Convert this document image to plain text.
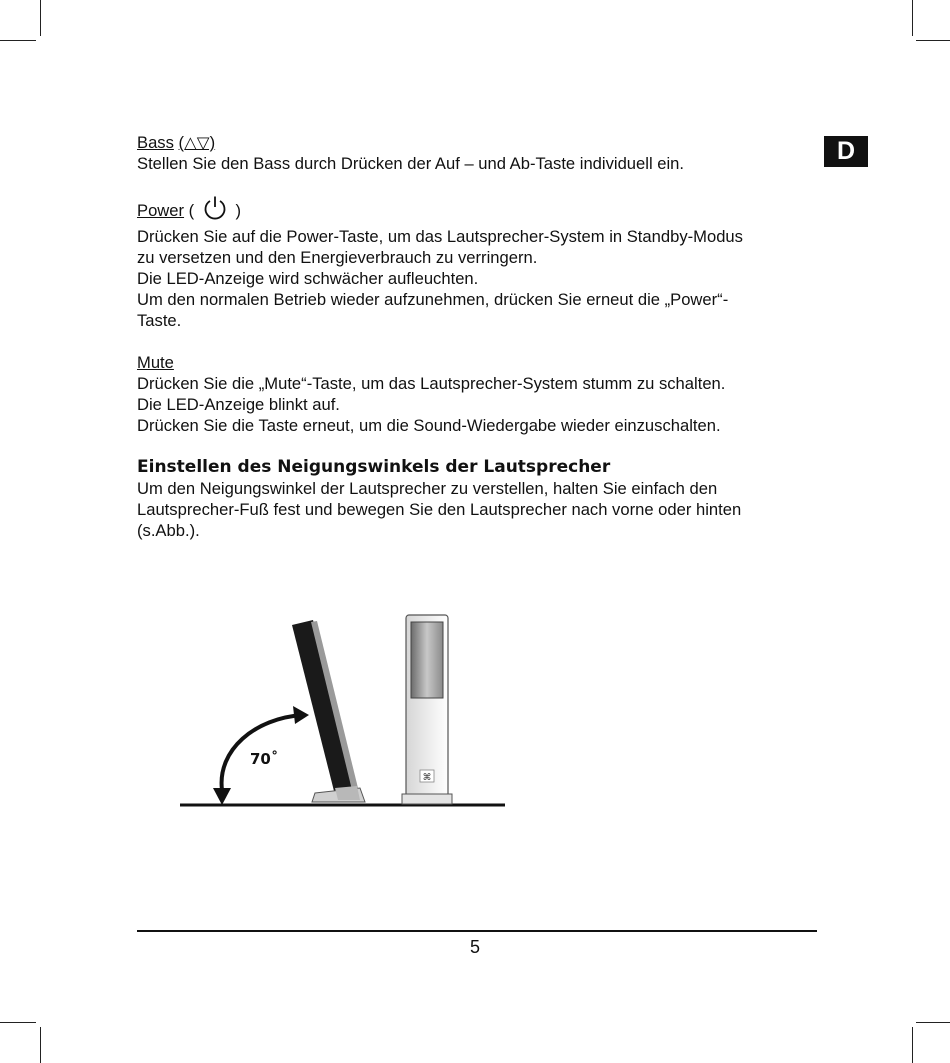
D

Bass (△▽)

Stellen Sie den Bass durch Drücken der Auf – und Ab-Taste individuell ein.

Power ( )

Drücken Sie auf die Power-Taste, um das Lautsprecher-System in Standby-Modus

zu versetzen und den Energieverbrauch zu verringern.

Die LED-Anzeige wird schwächer aufleuchten.

Um den normalen Betrieb wieder aufzunehmen, drücken Sie erneut die „Power“-

Taste.

Mute

Drücken Sie die „Mute“-Taste, um das Lautsprecher-System stumm zu schalten.

Die LED-Anzeige blinkt auf.

Drücken Sie die Taste erneut, um die Sound-Wiedergabe wieder einzuschalten.

Einstellen des Neigungswinkels der Lautsprecher

Um den Neigungswinkel der Lautsprecher zu verstellen, halten Sie einfach den

Lautsprecher-Fuß fest und bewegen Sie den Lautsprecher nach vorne oder hinten

(s.Abb.).

⌘
70˚
5
